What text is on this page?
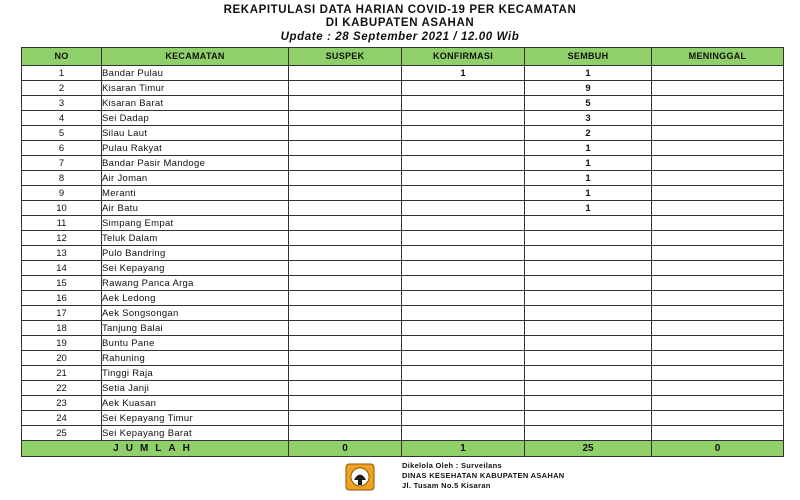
REKAPITULASI DATA HARIAN COVID-19 PER KECAMATAN
DI KABUPATEN ASAHAN
Update : 28 September 2021 / 12.00 Wib
NO	KECAMATAN	SUSPEK	KONFIRMASI	SEMBUH	MENINGGAL
1	Bandar Pulau		1	1	
2	Kisaran Timur			9	
3	Kisaran Barat			5	
4	Sei Dadap			3	
5	Silau Laut			2	
6	Pulau Rakyat			1	
7	Bandar Pasir Mandoge			1	
8	Air Joman			1	
9	Meranti			1	
10	Air Batu			1	
11	Simpang Empat				
12	Teluk Dalam				
13	Pulo Bandring				
14	Sei Kepayang				
15	Rawang Panca Arga				
16	Aek Ledong				
17	Aek Songsongan				
18	Tanjung Balai				
19	Buntu Pane				
20	Rahuning				
21	Tinggi Raja				
22	Setia Janji				
23	Aek Kuasan				
24	Sei Kepayang Timur				
25	Sei Kepayang Barat				
JUMLAH		0	1	25	0
Dikelola Oleh : Surveilans
DINAS KESEHATAN KABUPATEN ASAHAN
Jl. Tusam No.5 Kisaran
